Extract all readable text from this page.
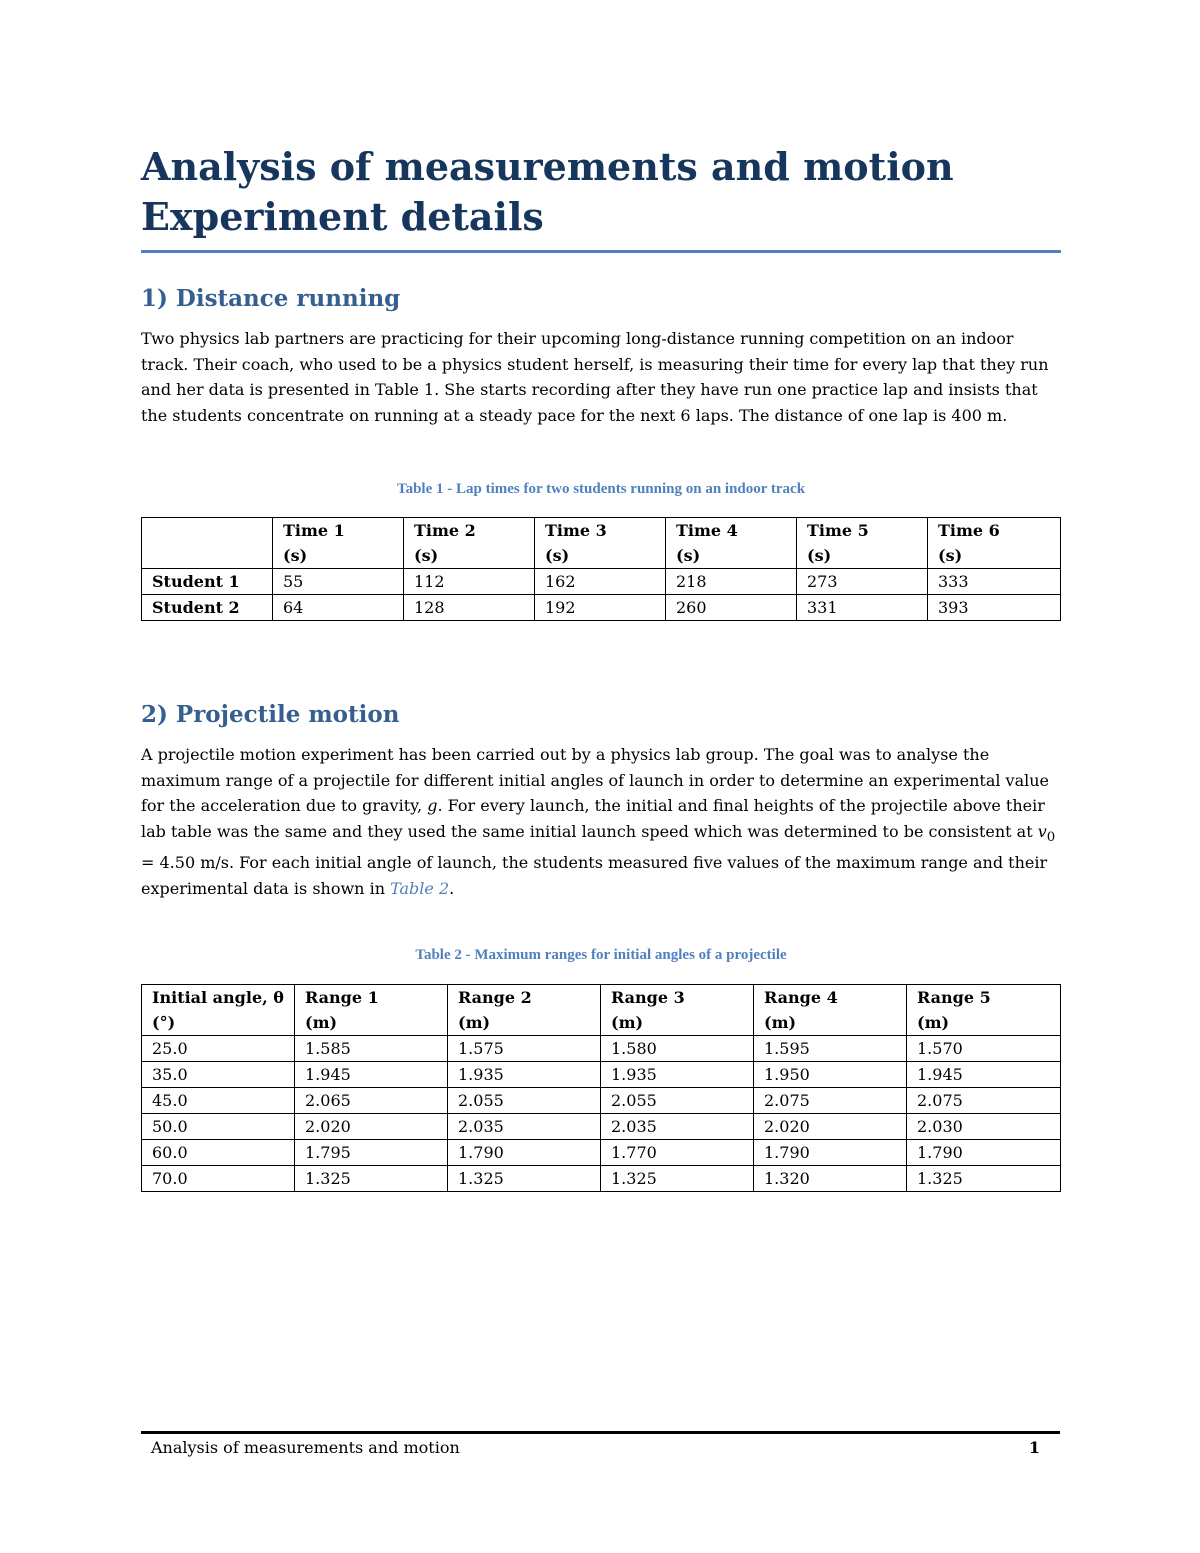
Analysis of measurements and motion
Experiment details
1) Distance running

Two physics lab partners are practicing for their upcoming long-distance running competition on an indoor track. Their coach, who used to be a physics student herself, is measuring their time for every lap that they run and her data is presented in Table 1. She starts recording after they have run one practice lap and insists that the students concentrate on running at a steady pace for the next 6 laps. The distance of one lap is 400 m.

Table 1 - Lap times for two students running on an indoor track

	Time 1
(s)	Time 2
(s)	Time 3
(s)	Time 4
(s)	Time 5
(s)	Time 6
(s)
Student 1	55	112	162	218	273	333
Student 2	64	128	192	260	331	393
2) Projectile motion

A projectile motion experiment has been carried out by a physics lab group. The goal was to analyse the maximum range of a projectile for different initial angles of launch in order to determine an experimental value for the acceleration due to gravity, g. For every launch, the initial and final heights of the projectile above their lab table was the same and they used the same initial launch speed which was determined to be consistent at $v_0 = 4.50$ m/s. For each initial angle of launch, the students measured five values of the maximum range and their experimental data is shown in Table 2.

Table 2 - Maximum ranges for initial angles of a projectile

Initial angle, θ
(°)	Range 1
(m)	Range 2
(m)	Range 3
(m)	Range 4
(m)	Range 5
(m)
25.0	1.585	1.575	1.580	1.595	1.570
35.0	1.945	1.935	1.935	1.950	1.945
45.0	2.065	2.055	2.055	2.075	2.075
50.0	2.020	2.035	2.035	2.020	2.030
60.0	1.795	1.790	1.770	1.790	1.790
70.0	1.325	1.325	1.325	1.320	1.325
Analysis of measurements and motion	1
